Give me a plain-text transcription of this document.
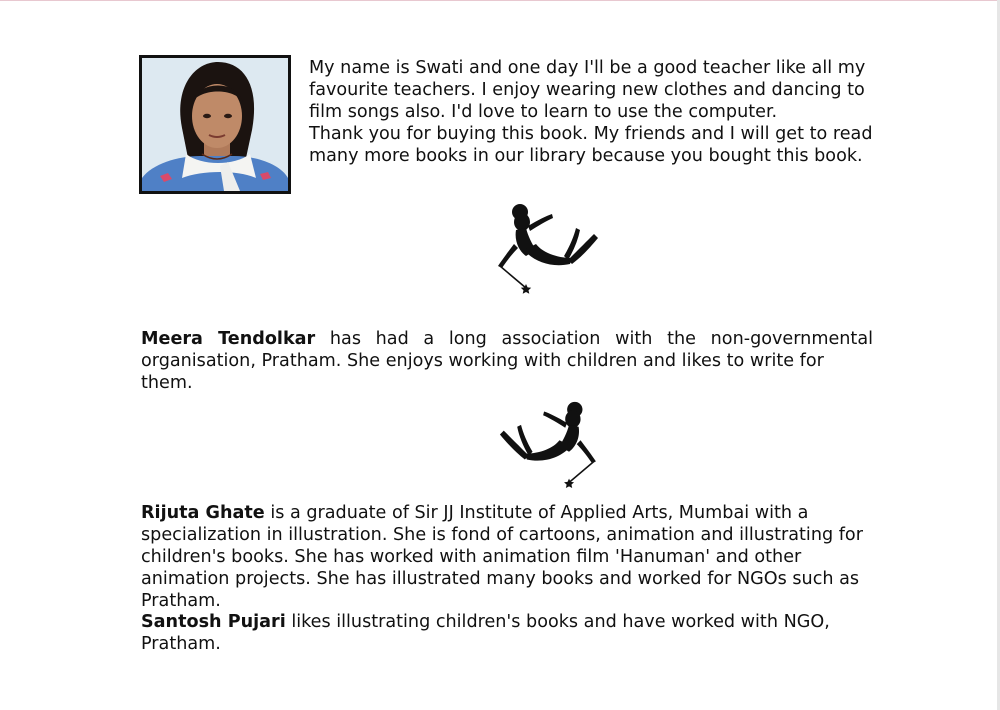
My name is Swati and one day I'll be a good teacher like all my
favourite teachers. I enjoy wearing new clothes and dancing to
film songs also. I'd love to learn to use the computer.
Thank you for buying this book. My friends and I will get to read
many more books in our library because you bought this book.

Meera Tendolkar has had a long association with the non-governmental
organisation, Pratham. She enjoys working with children and likes to write for
them.

Rijuta Ghate is a graduate of Sir JJ Institute of Applied Arts, Mumbai with a
specialization in illustration. She is fond of cartoons, animation and illustrating for
children's books. She has worked with animation film 'Hanuman' and other
animation projects. She has illustrated many books and worked for NGOs such as
Pratham.

Santosh Pujari likes illustrating children's books and have worked with NGO,
Pratham.
